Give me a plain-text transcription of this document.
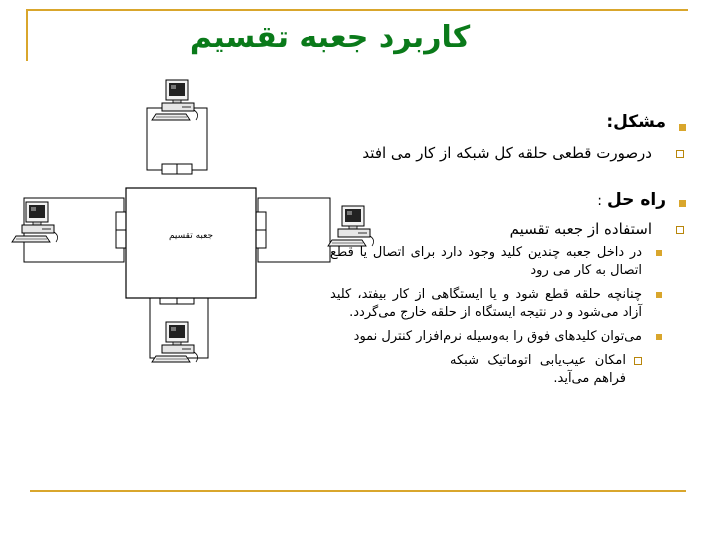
کاربرد جعبه تقسیم
جعبه تقسیم
مشکل:
درصورت قطعی حلقه کل شبکه از کار می افتد
راه حل :
استفاده از جعبه تقسیم
در داخل جعبه چندین کلید وجود دارد برای اتصال یا قطع اتصال به کار می رود
چنانچه حلقه قطع شود و یا ایستگاهی از کار بیفتد، کلید آزاد می‌شود و در نتیجه ایستگاه از حلقه خارج می‌گردد.
می‌توان کلیدهای فوق را به‌وسیله نرم‌افزار کنترل نمود
امکان عیب‌یابی اتوماتیک شبکه فراهم می‌آید.
